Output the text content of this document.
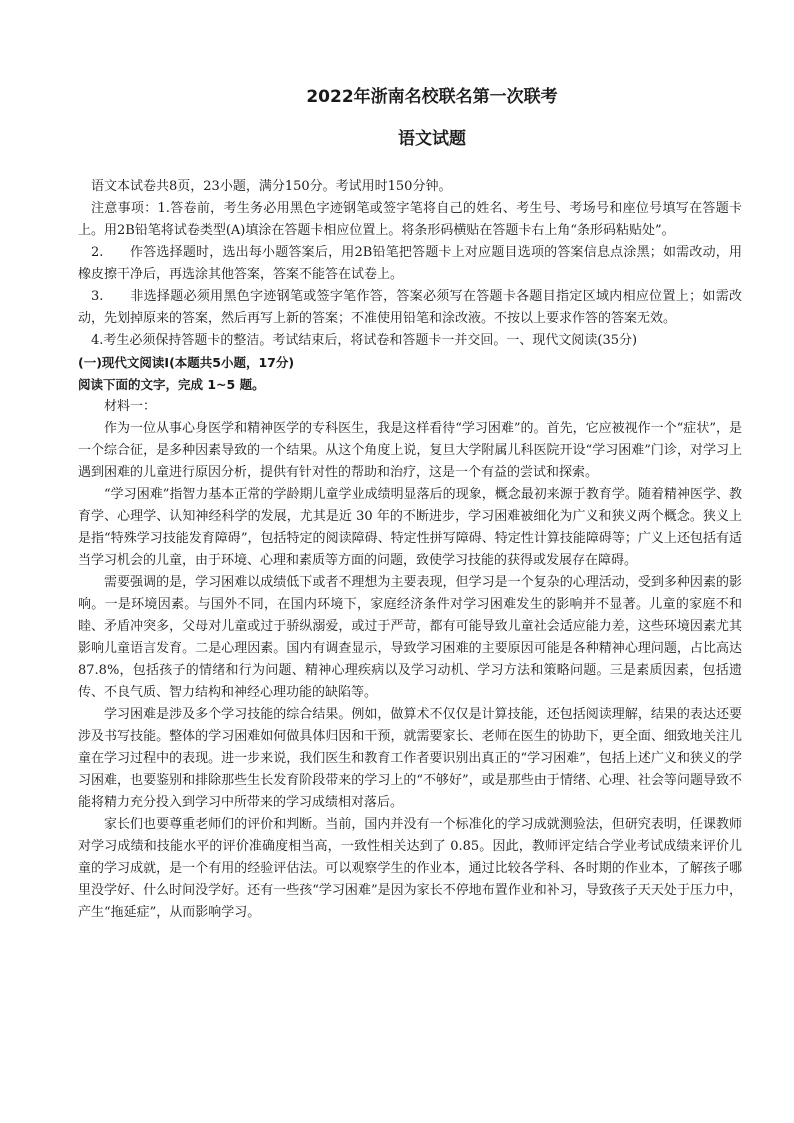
2022年浙南名校联名第一次联考
语文试题

语文本试卷共8页，23小题，满分150分。考试用时150分钟。

注意事项：1.答卷前，考生务必用黑色字迹钢笔或签字笔将自己的姓名、考生号、考场号和座位号填写在答题卡上。用2B铅笔将试卷类型(A)填涂在答题卡相应位置上。将条形码横贴在答题卡右上角“条形码粘贴处”。

2.　　作答选择题时，选出每小题答案后，用2B铅笔把答题卡上对应题目选项的答案信息点涂黑；如需改动，用橡皮擦干净后，再选涂其他答案，答案不能答在试卷上。

3.　　非选择题必须用黑色字迹钢笔或签字笔作答，答案必须写在答题卡各题目指定区域内相应位置上；如需改动，先划掉原来的答案，然后再写上新的答案；不准使用铅笔和涂改液。不按以上要求作答的答案无效。

4.考生必须保持答题卡的整洁。考试结束后，将试卷和答题卡一并交回。一、现代文阅读(35分)

(一)现代文阅读Ⅰ(本题共5小题，17分)

阅读下面的文字，完成 1~5 题。

材料一：

作为一位从事心身医学和精神医学的专科医生，我是这样看待“学习困难”的。首先，它应被视作一个“症状”，是一个综合征，是多种因素导致的一个结果。从这个角度上说，复旦大学附属儿科医院开设“学习困难”门诊，对学习上遇到困难的儿童进行原因分析，提供有针对性的帮助和治疗，这是一个有益的尝试和探索。

“学习困难”指智力基本正常的学龄期儿童学业成绩明显落后的现象，概念最初来源于教育学。随着精神医学、教育学、心理学、认知神经科学的发展，尤其是近 30 年的不断进步，学习困难被细化为广义和狭义两个概念。狭义上是指“特殊学习技能发育障碍”，包括特定的阅读障碍、特定性拼写障碍、特定性计算技能障碍等；广义上还包括有适当学习机会的儿童，由于环境、心理和素质等方面的问题，致使学习技能的获得或发展存在障碍。

需要强调的是，学习困难以成绩低下或者不理想为主要表现，但学习是一个复杂的心理活动，受到多种因素的影响。一是环境因素。与国外不同，在国内环境下，家庭经济条件对学习困难发生的影响并不显著。儿童的家庭不和睦、矛盾冲突多，父母对儿童或过于骄纵溺爱，或过于严苛，都有可能导致儿童社会适应能力差，这些环境因素尤其影响儿童语言发育。二是心理因素。国内有调查显示，导致学习困难的主要原因可能是各种精神心理问题，占比高达87.8%，包括孩子的情绪和行为问题、精神心理疾病以及学习动机、学习方法和策略问题。三是素质因素，包括遗传、不良气质、智力结构和神经心理功能的缺陷等。

学习困难是涉及多个学习技能的综合结果。例如，做算术不仅仅是计算技能，还包括阅读理解，结果的表达还要涉及书写技能。整体的学习困难如何做具体归因和干预，就需要家长、老师在医生的协助下，更全面、细致地关注儿童在学习过程中的表现。进一步来说，我们医生和教育工作者要识别出真正的“学习困难”，包括上述广义和狭义的学习困难，也要鉴别和排除那些生长发育阶段带来的学习上的“不够好”，或是那些由于情绪、心理、社会等问题导致不能将精力充分投入到学习中所带来的学习成绩相对落后。

家长们也要尊重老师们的评价和判断。当前，国内并没有一个标准化的学习成就测验法，但研究表明，任课教师对学习成绩和技能水平的评价准确度相当高，一致性相关达到了 0.85。因此，教师评定结合学业考试成绩来评价儿童的学习成就，是一个有用的经验评估法。可以观察学生的作业本，通过比较各学科、各时期的作业本，了解孩子哪里没学好、什么时间没学好。还有一些孩“学习困难”是因为家长不停地布置作业和补习，导致孩子天天处于压力中，产生“拖延症”，从而影响学习。
